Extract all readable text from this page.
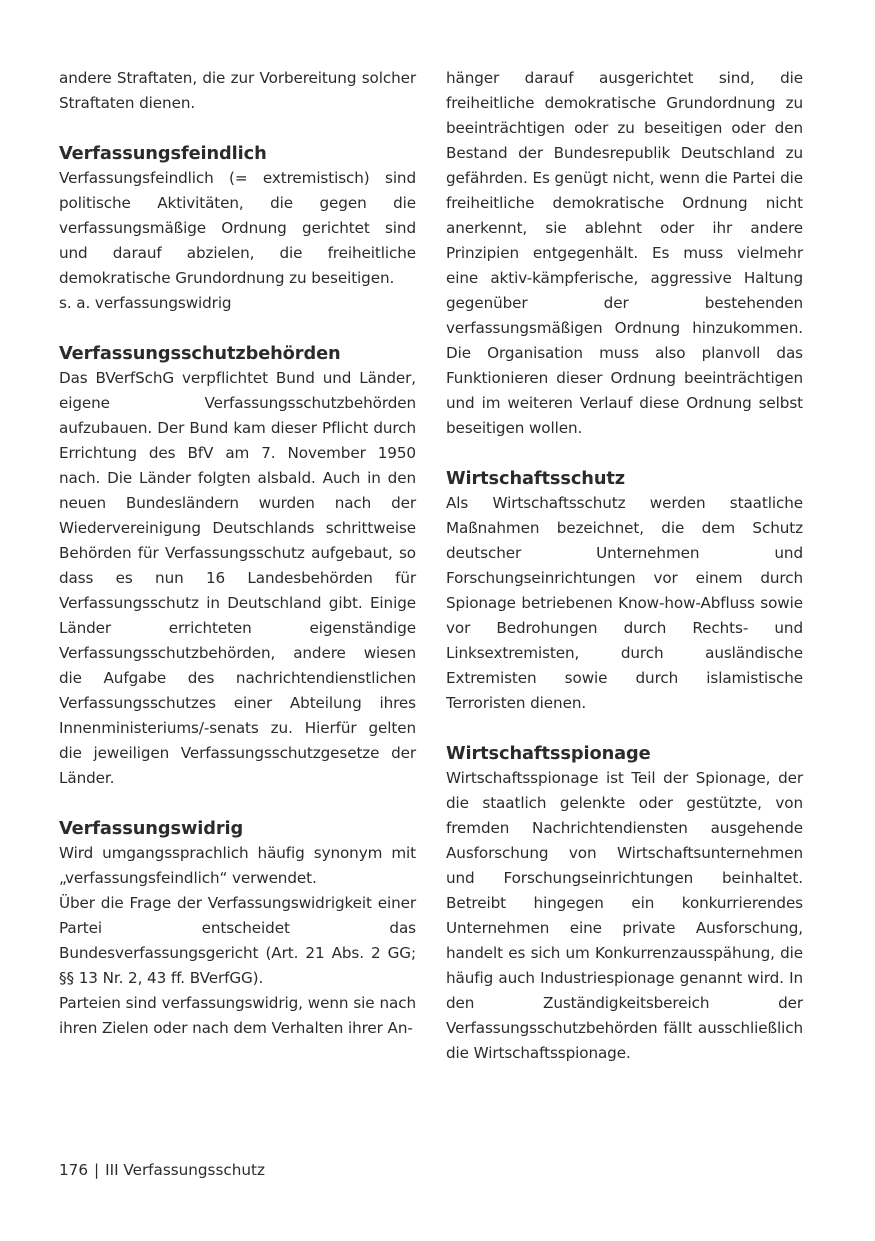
andere Straftaten, die zur Vorbereitung solcher Straftaten dienen.

Verfassungsfeindlich

Verfassungsfeindlich (= extremistisch) sind politische Aktivitäten, die gegen die verfassungsmäßige Ordnung gerichtet sind und darauf abzielen, die freiheitliche demokratische Grundordnung zu beseitigen.

s. a. verfassungswidrig

Verfassungsschutzbehörden

Das BVerfSchG verpflichtet Bund und Länder, eigene Verfassungsschutzbehörden aufzubauen. Der Bund kam dieser Pflicht durch Errichtung des BfV am 7. November 1950 nach. Die Länder folgten alsbald. Auch in den neuen Bundesländern wurden nach der Wiedervereinigung Deutschlands schrittweise Behörden für Verfassungsschutz aufgebaut, so dass es nun 16 Landesbehörden für Verfassungsschutz in Deutschland gibt. Einige Länder errichteten eigenständige Verfassungsschutzbehörden, andere wiesen die Aufgabe des nachrichtendienstlichen Verfassungsschutzes einer Abteilung ihres Innenministeriums/-senats zu. Hierfür gelten die jeweiligen Verfassungsschutzgesetze der Länder.

Verfassungswidrig

Wird umgangssprachlich häufig synonym mit „verfassungsfeindlich“ verwendet.

Über die Frage der Verfassungswidrigkeit einer Partei entscheidet das Bundesverfassungsgericht (Art. 21 Abs. 2 GG; §§ 13 Nr. 2, 43 ff. BVerfGG).

Parteien sind verfassungswidrig, wenn sie nach ihren Zielen oder nach dem Verhalten ihrer An-

hänger darauf ausgerichtet sind, die freiheitliche demokratische Grundordnung zu beeinträchtigen oder zu beseitigen oder den Bestand der Bundesrepublik Deutschland zu gefährden. Es genügt nicht, wenn die Partei die freiheitliche demokratische Ordnung nicht anerkennt, sie ablehnt oder ihr andere Prinzipien entgegenhält. Es muss vielmehr eine aktiv-kämpferische, aggressive Haltung gegenüber der bestehenden verfassungsmäßigen Ordnung hinzukommen. Die Organisation muss also planvoll das Funktionieren dieser Ordnung beeinträchtigen und im weiteren Verlauf diese Ordnung selbst beseitigen wollen.

Wirtschaftsschutz

Als Wirtschaftsschutz werden staatliche Maßnahmen bezeichnet, die dem Schutz deutscher Unternehmen und Forschungseinrichtungen vor einem durch Spionage betriebenen Know-how-Abfluss sowie vor Bedrohungen durch Rechts- und Linksextremisten, durch ausländische Extremisten sowie durch islamistische Terroristen dienen.

Wirtschaftsspionage

Wirtschaftsspionage ist Teil der Spionage, der die staatlich gelenkte oder gestützte, von fremden Nachrichtendiensten ausgehende Ausforschung von Wirtschaftsunternehmen und Forschungseinrichtungen beinhaltet. Betreibt hingegen ein konkurrierendes Unternehmen eine private Ausforschung, handelt es sich um Konkurrenzausspähung, die häufig auch Industriespionage genannt wird. In den Zuständigkeitsbereich der Verfassungsschutzbehörden fällt ausschließlich die Wirtschaftsspionage.

176 | III Verfassungsschutz
